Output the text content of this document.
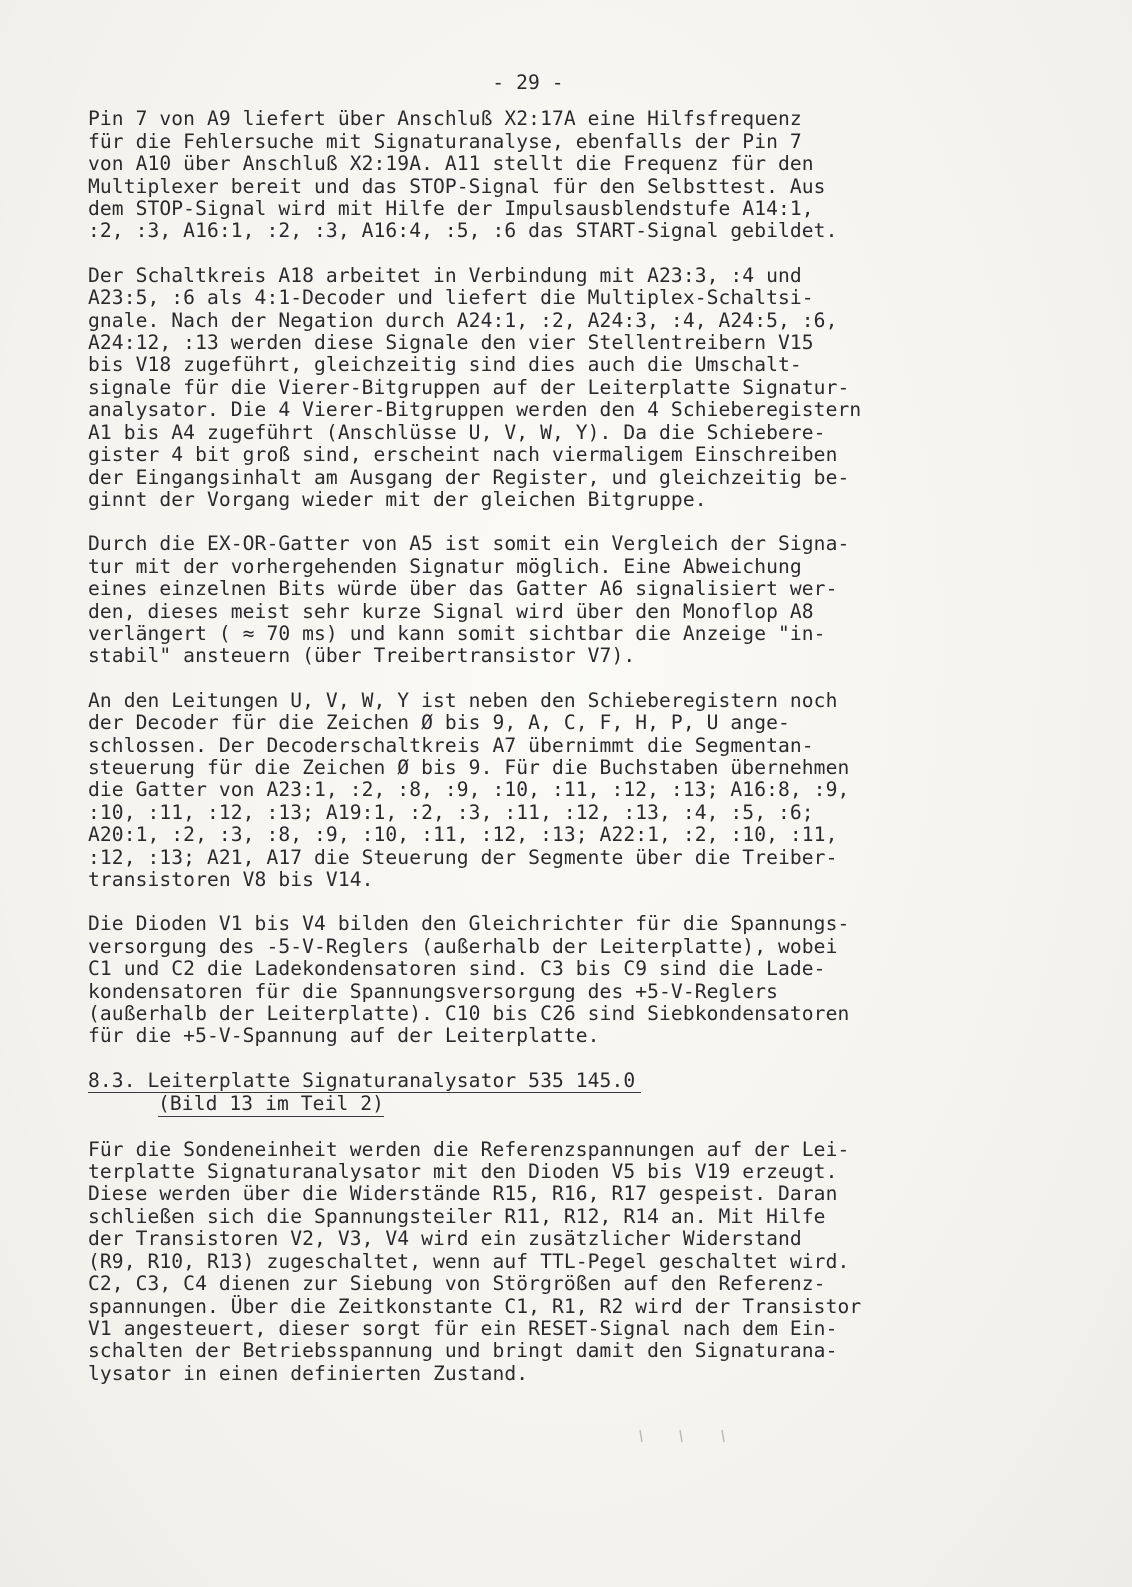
- 29 -
Pin 7 von A9 liefert über Anschluß X2:17A eine Hilfsfrequenz
für die Fehlersuche mit Signaturanalyse, ebenfalls der Pin 7
von A10 über Anschluß X2:19A. A11 stellt die Frequenz für den
Multiplexer bereit und das STOP-Signal für den Selbsttest. Aus
dem STOP-Signal wird mit Hilfe der Impulsausblendstufe A14:1,
:2, :3, A16:1, :2, :3, A16:4, :5, :6 das START-Signal gebildet.
Der Schaltkreis A18 arbeitet in Verbindung mit A23:3, :4 und
A23:5, :6 als 4:1-Decoder und liefert die Multiplex-Schaltsi-
gnale. Nach der Negation durch A24:1, :2, A24:3, :4, A24:5, :6,
A24:12, :13 werden diese Signale den vier Stellentreibern V15
bis V18 zugeführt, gleichzeitig sind dies auch die Umschalt-
signale für die Vierer-Bitgruppen auf der Leiterplatte Signatur-
analysator. Die 4 Vierer-Bitgruppen werden den 4 Schieberegistern
A1 bis A4 zugeführt (Anschlüsse U, V, W, Y). Da die Schiebere-
gister 4 bit groß sind, erscheint nach viermaligem Einschreiben
der Eingangsinhalt am Ausgang der Register, und gleichzeitig be-
ginnt der Vorgang wieder mit der gleichen Bitgruppe.
Durch die EX-OR-Gatter von A5 ist somit ein Vergleich der Signa-
tur mit der vorhergehenden Signatur möglich. Eine Abweichung
eines einzelnen Bits würde über das Gatter A6 signalisiert wer-
den, dieses meist sehr kurze Signal wird über den Monoflop A8
verlängert ( ≈ 70 ms) und kann somit sichtbar die Anzeige "in-
stabil" ansteuern (über Treibertransistor V7).
An den Leitungen U, V, W, Y ist neben den Schieberegistern noch
der Decoder für die Zeichen Ø bis 9, A, C, F, H, P, U ange-
schlossen. Der Decoderschaltkreis A7 übernimmt die Segmentan-
steuerung für die Zeichen Ø bis 9. Für die Buchstaben übernehmen
die Gatter von A23:1, :2, :8, :9, :10, :11, :12, :13; A16:8, :9,
:10, :11, :12, :13; A19:1, :2, :3, :11, :12, :13, :4, :5, :6;
A20:1, :2, :3, :8, :9, :10, :11, :12, :13; A22:1, :2, :10, :11,
:12, :13; A21, A17 die Steuerung der Segmente über die Treiber-
transistoren V8 bis V14.
Die Dioden V1 bis V4 bilden den Gleichrichter für die Spannungs-
versorgung des -5-V-Reglers (außerhalb der Leiterplatte), wobei
C1 und C2 die Ladekondensatoren sind. C3 bis C9 sind die Lade-
kondensatoren für die Spannungsversorgung des +5-V-Reglers
(außerhalb der Leiterplatte). C10 bis C26 sind Siebkondensatoren
für die +5-V-Spannung auf der Leiterplatte.
8.3. Leiterplatte Signaturanalysator 535 145.0
(Bild 13 im Teil 2)
Für die Sondeneinheit werden die Referenzspannungen auf der Lei-
terplatte Signaturanalysator mit den Dioden V5 bis V19 erzeugt.
Diese werden über die Widerstände R15, R16, R17 gespeist. Daran
schließen sich die Spannungsteiler R11, R12, R14 an. Mit Hilfe
der Transistoren V2, V3, V4 wird ein zusätzlicher Widerstand
(R9, R10, R13) zugeschaltet, wenn auf TTL-Pegel geschaltet wird.
C2, C3, C4 dienen zur Siebung von Störgrößen auf den Referenz-
spannungen. Über die Zeitkonstante C1, R1, R2 wird der Transistor
V1 angesteuert, dieser sorgt für ein RESET-Signal nach dem Ein-
schalten der Betriebsspannung und bringt damit den Signaturana-
lysator in einen definierten Zustand.
